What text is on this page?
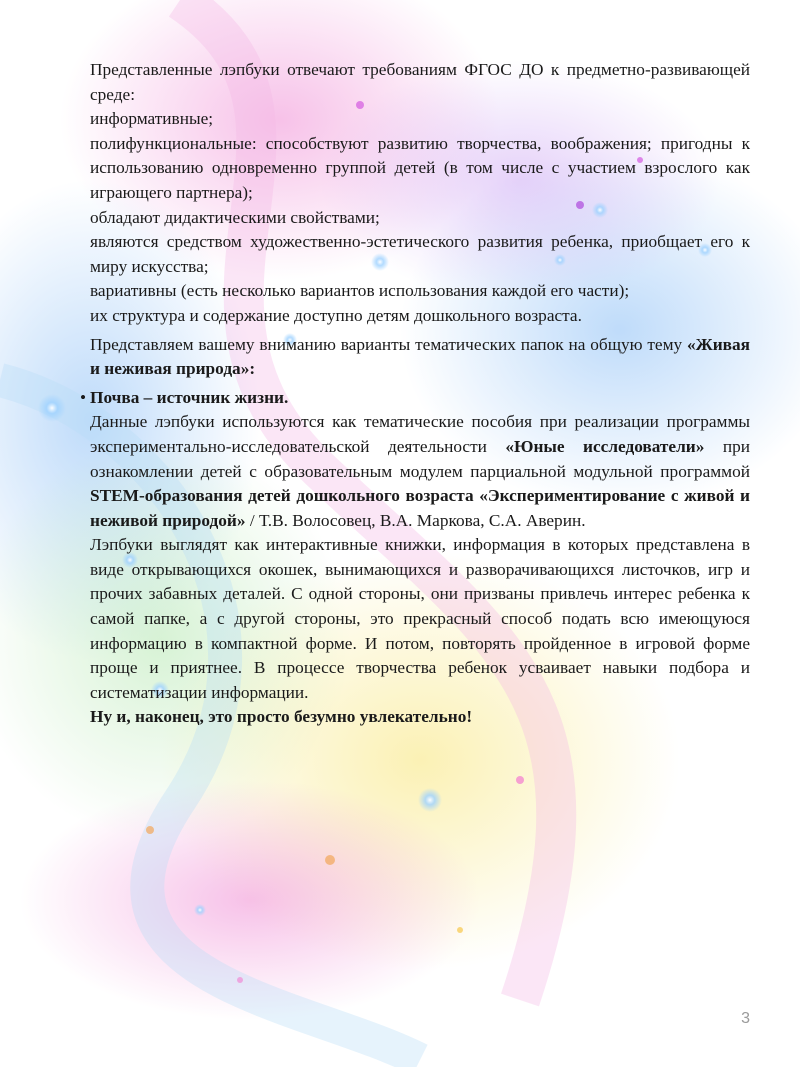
Представленные лэпбуки отвечают требованиям ФГОС ДО к предметно-развивающей среде:

информативные;

полифункциональные: способствуют развитию творчества, воображения; пригодны к использованию одновременно группой детей (в том числе с участием взрослого как играющего партнера);

обладают дидактическими свойствами;

являются средством художественно-эстетического развития ребенка, приобщает его к миру искусства;

вариативны (есть несколько вариантов использования каждой его части);

их структура и содержание доступно детям дошкольного возраста.

Представляем вашему вниманию варианты тематических папок на общую тему «Живая и неживая природа»:

• Почва – источник жизни.

Данные лэпбуки используются как тематические пособия при реализации программы экспериментально-исследовательской деятельности «Юные исследователи» при ознакомлении детей с образовательным модулем парциальной модульной программой STEM-образования детей дошкольного возраста «Экспериментирование с живой и неживой природой» / Т.В. Волосовец, В.А. Маркова, С.А. Аверин.

Лэпбуки выглядят как интерактивные книжки, информация в которых представлена в виде открывающихся окошек, вынимающихся и разворачивающихся листочков, игр и прочих забавных деталей. С одной стороны, они призваны привлечь интерес ребенка к самой папке, а с другой стороны, это прекрасный способ подать всю имеющуюся информацию в компактной форме. И потом, повторять пройденное в игровой форме проще и приятнее. В процессе творчества ребенок усваивает навыки подбора и систематизации информации.

Ну и, наконец, это просто безумно увлекательно!

3
